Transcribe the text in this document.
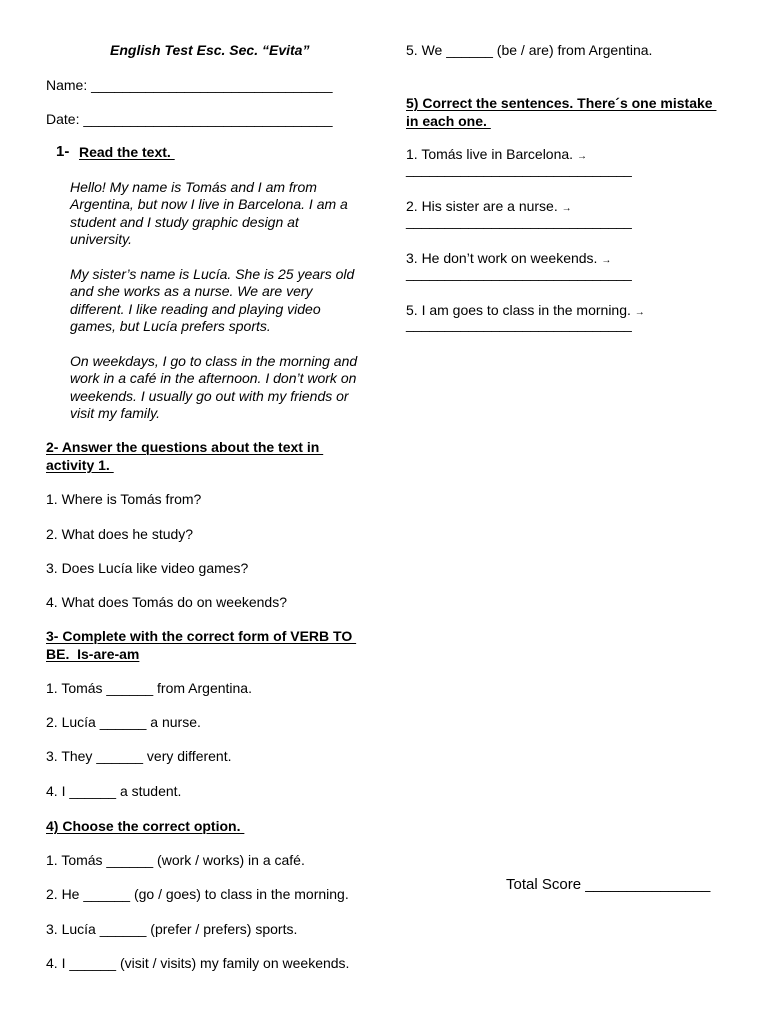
English Test Esc. Sec. “Evita”
Name: _______________________________
Date: ________________________________
1- Read the text.
Hello! My name is Tomás and I am from
Argentina, but now I live in Barcelona. I am a
student and I study graphic design at
university.
My sister’s name is Lucía. She is 25 years old
and she works as a nurse. We are very
different. I like reading and playing video
games, but Lucía prefers sports.
On weekdays, I go to class in the morning and
work in a café in the afternoon. I don’t work on
weekends. I usually go out with my friends or
visit my family.
2- Answer the questions about the text in
activity 1.
1. Where is Tomás from?
2. What does he study?
3. Does Lucía like video games?
4. What does Tomás do on weekends?
3- Complete with the correct form of VERB TO
BE.  Is-are-am
1. Tomás ______ from Argentina.
2. Lucía ______ a nurse.
3. They ______ very different.
4. I ______ a student.
4) Choose the correct option.
1. Tomás ______ (work / works) in a café.
2. He ______ (go / goes) to class in the morning.
3. Lucía ______ (prefer / prefers) sports.
4. I ______ (visit / visits) my family on weekends.
5. We ______ (be / are) from Argentina.
5) Correct the sentences. There´s one mistake
in each one.
1. Tomás live in Barcelona. →
_____________________________
2. His sister are a nurse. →
_____________________________
3. He don’t work on weekends. →
_____________________________
5. I am goes to class in the morning. →
_____________________________
Total Score _______________
